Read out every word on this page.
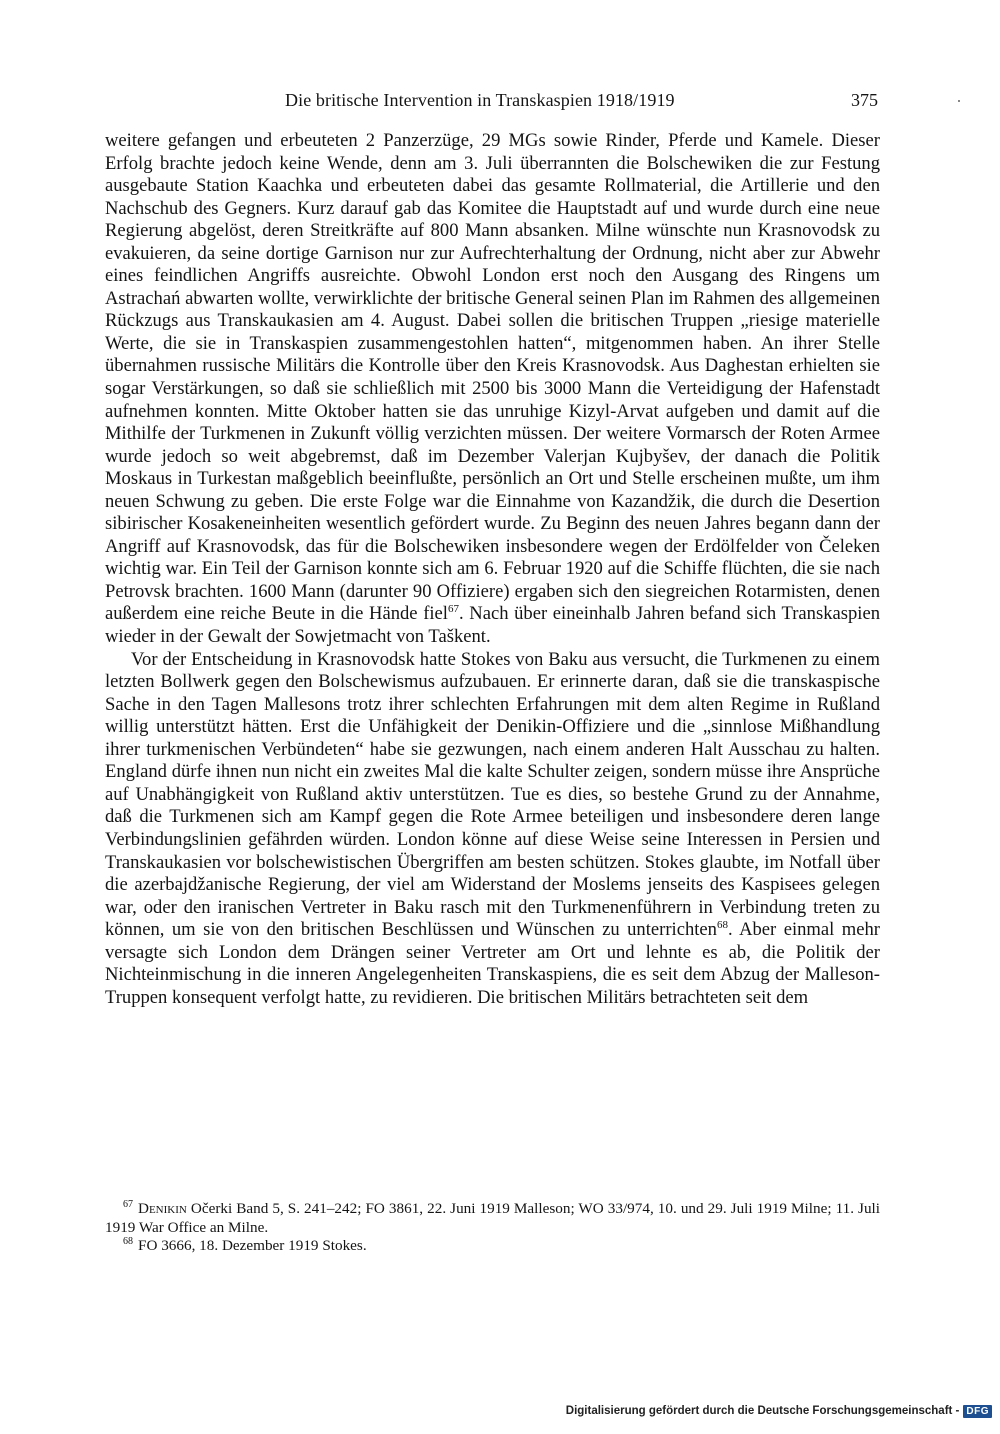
Die britische Intervention in Transkaspien 1918/1919	375

weitere gefangen und erbeuteten 2 Panzerzüge, 29 MGs sowie Rinder, Pferde und Kamele. Dieser Erfolg brachte jedoch keine Wende, denn am 3. Juli überrannten die Bolschewiken die zur Festung ausgebaute Station Kaachka und erbeuteten dabei das gesamte Rollmaterial, die Artillerie und den Nachschub des Gegners. Kurz darauf gab das Komitee die Hauptstadt auf und wurde durch eine neue Regierung abgelöst, deren Streitkräfte auf 800 Mann absanken. Milne wünschte nun Krasnovodsk zu evakuieren, da seine dortige Garnison nur zur Aufrechterhaltung der Ordnung, nicht aber zur Abwehr eines feindlichen Angriffs ausreichte. Obwohl London erst noch den Ausgang des Ringens um Astrachań abwarten wollte, verwirklichte der britische General seinen Plan im Rahmen des allgemeinen Rückzugs aus Transkaukasien am 4. August. Dabei sollen die britischen Truppen „riesige materielle Werte, die sie in Transkaspien zusammengestohlen hatten“, mitgenommen haben. An ihrer Stelle übernahmen russische Militärs die Kontrolle über den Kreis Krasnovodsk. Aus Daghestan erhielten sie sogar Verstärkungen, so daß sie schließlich mit 2500 bis 3000 Mann die Verteidigung der Hafenstadt aufnehmen konnten. Mitte Oktober hatten sie das unruhige Kizyl-Arvat aufgeben und damit auf die Mithilfe der Turkmenen in Zukunft völlig verzichten müssen. Der weitere Vormarsch der Roten Armee wurde jedoch so weit abgebremst, daß im Dezember Valerjan Kujbyšev, der danach die Politik Moskaus in Turkestan maßgeblich beeinflußte, persönlich an Ort und Stelle erscheinen mußte, um ihm neuen Schwung zu geben. Die erste Folge war die Einnahme von Kazandžik, die durch die Desertion sibirischer Kosakeneinheiten wesentlich gefördert wurde. Zu Beginn des neuen Jahres begann dann der Angriff auf Krasnovodsk, das für die Bolschewiken insbesondere wegen der Erdölfelder von Čeleken wichtig war. Ein Teil der Garnison konnte sich am 6. Februar 1920 auf die Schiffe flüchten, die sie nach Petrovsk brachten. 1600 Mann (darunter 90 Offiziere) ergaben sich den siegreichen Rotarmisten, denen außerdem eine reiche Beute in die Hände fiel$^{67}$. Nach über eineinhalb Jahren befand sich Transkaspien wieder in der Gewalt der Sowjetmacht von Taškent.

Vor der Entscheidung in Krasnovodsk hatte Stokes von Baku aus versucht, die Turkmenen zu einem letzten Bollwerk gegen den Bolschewismus aufzubauen. Er erinnerte daran, daß sie die transkaspische Sache in den Tagen Mallesons trotz ihrer schlechten Erfahrungen mit dem alten Regime in Rußland willig unterstützt hätten. Erst die Unfähigkeit der Denikin-Offiziere und die „sinnlose Mißhandlung ihrer turkmenischen Verbündeten“ habe sie gezwungen, nach einem anderen Halt Ausschau zu halten. England dürfe ihnen nun nicht ein zweites Mal die kalte Schulter zeigen, sondern müsse ihre Ansprüche auf Unabhängigkeit von Rußland aktiv unterstützen. Tue es dies, so bestehe Grund zu der Annahme, daß die Turkmenen sich am Kampf gegen die Rote Armee beteiligen und insbesondere deren lange Verbindungslinien gefährden würden. London könne auf diese Weise seine Interessen in Persien und Transkaukasien vor bolschewistischen Übergriffen am besten schützen. Stokes glaubte, im Notfall über die azerbajdžanische Regierung, der viel am Widerstand der Moslems jenseits des Kaspisees gelegen war, oder den iranischen Vertreter in Baku rasch mit den Turkmenenführern in Verbindung treten zu können, um sie von den britischen Beschlüssen und Wünschen zu unterrichten$^{68}$. Aber einmal mehr versagte sich London dem Drängen seiner Vertreter am Ort und lehnte es ab, die Politik der Nichteinmischung in die inneren Angelegenheiten Transkaspiens, die es seit dem Abzug der Malleson-Truppen konsequent verfolgt hatte, zu revidieren. Die britischen Militärs betrachteten seit dem

$^{67}$ Denikin Očerki Band 5, S. 241–242; FO 3861, 22. Juni 1919 Malleson; WO 33/974, 10. und 29. Juli 1919 Milne; 11. Juli 1919 War Office an Milne.

$^{68}$ FO 3666, 18. Dezember 1919 Stokes.

Digitalisierung gefördert durch die Deutsche Forschungsgemeinschaft - DFG
